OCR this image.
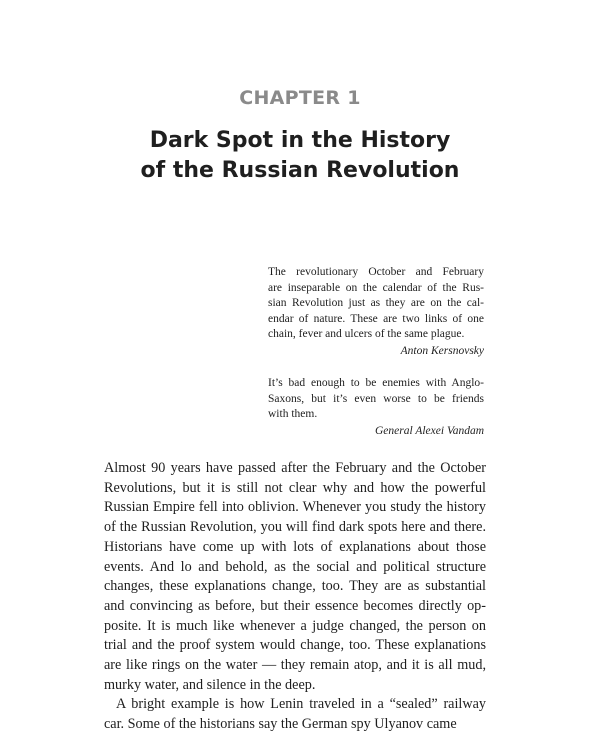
CHAPTER 1
Dark Spot in the History
of the Russian Revolution
The revolutionary October and February
are inseparable on the calendar of the Rus-
sian Revolution just as they are on the cal-
endar of nature. These are two links of one
chain, fever and ulcers of the same plague.
Anton Kersnovsky
It’s bad enough to be enemies with Anglo-
Saxons, but it’s even worse to be friends
with them.
General Alexei Vandam
Almost 90 years have passed after the February and the October
Revolutions, but it is still not clear why and how the powerful
Russian Empire fell into oblivion. Whenever you study the history
of the Russian Revolution, you will find dark spots here and there.
Historians have come up with lots of explanations about those
events. And lo and behold, as the social and political structure
changes, these explanations change, too. They are as substantial
and convincing as before, but their essence becomes directly op-
posite. It is much like whenever a judge changed, the person on
trial and the proof system would change, too. These explanations
are like rings on the water — they remain atop, and it is all mud,
murky water, and silence in the deep.
A bright example is how Lenin traveled in a “sealed” railway
car. Some of the historians say the German spy Ulyanov came
